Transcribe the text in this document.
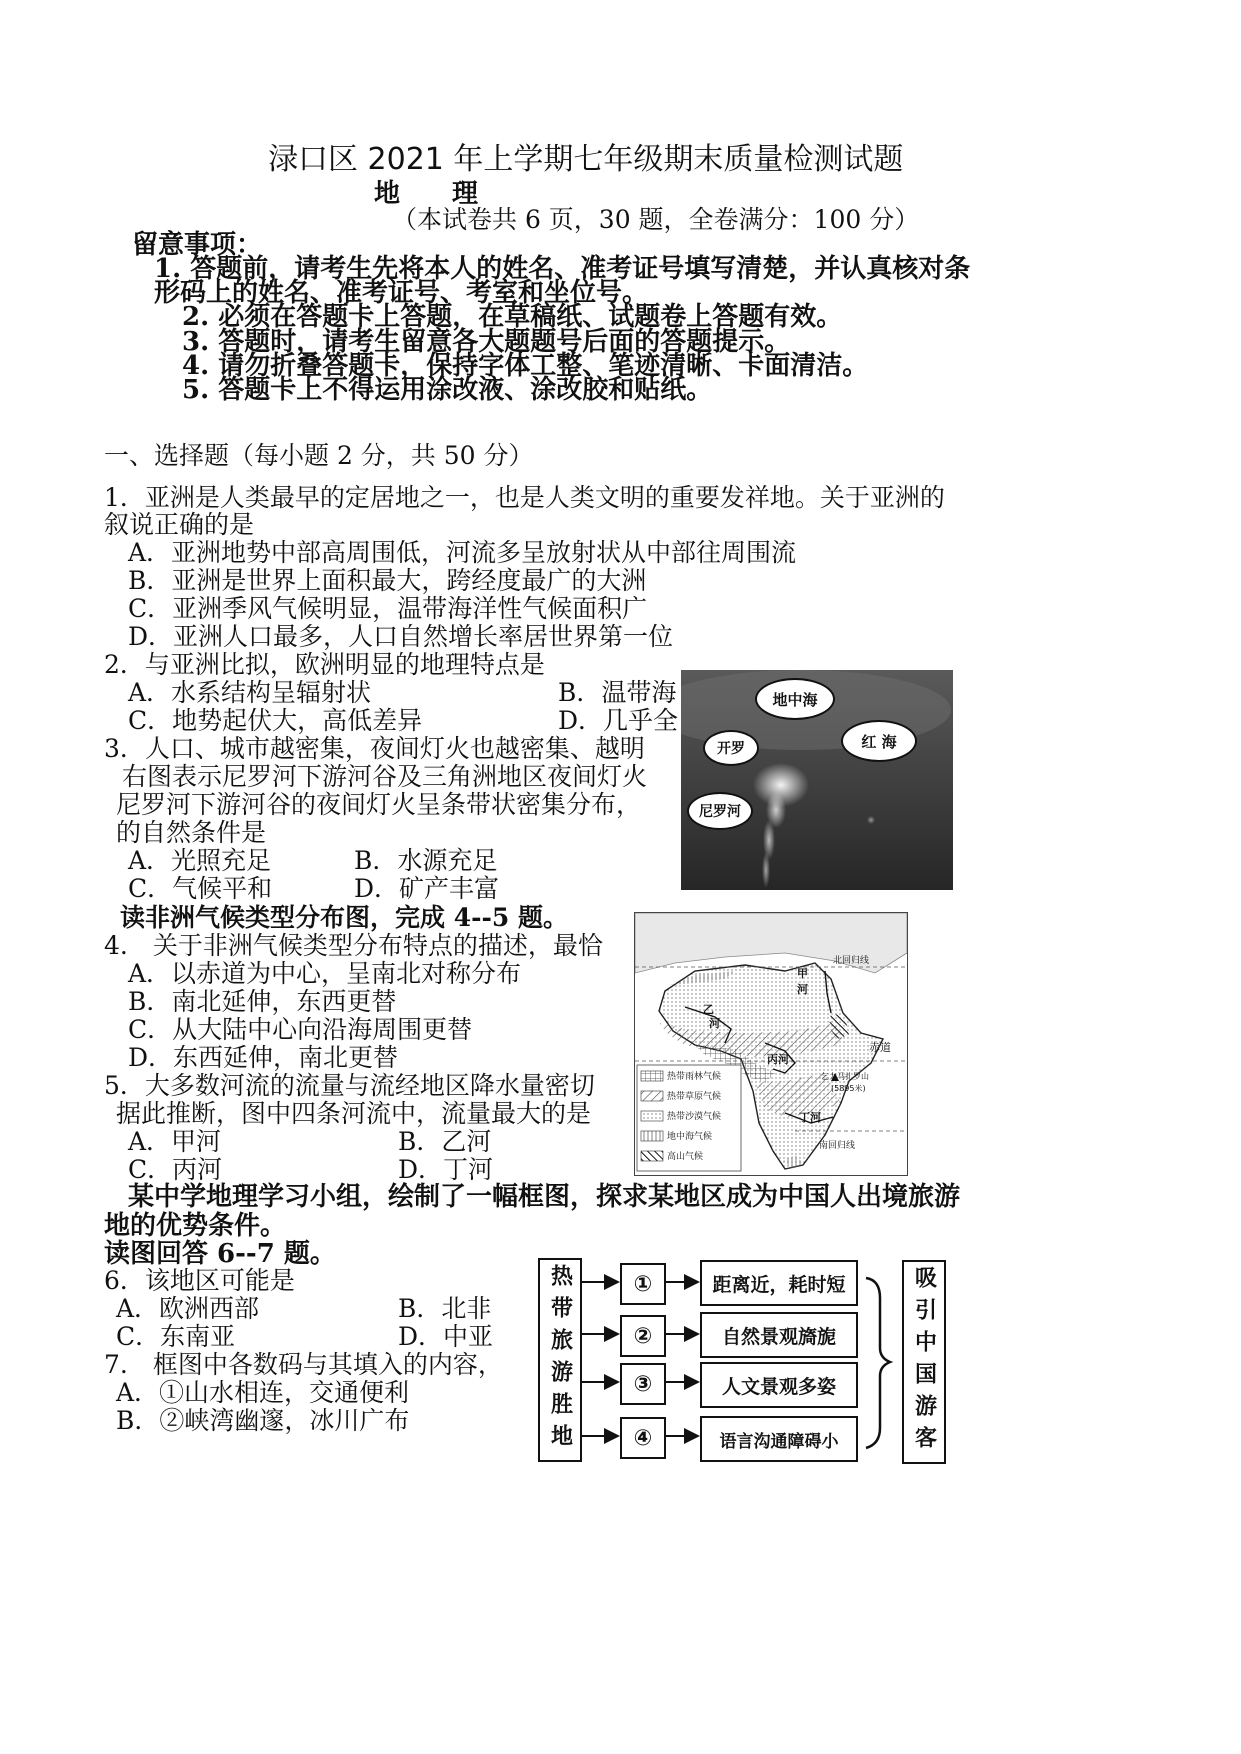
渌口区 2021 年上学期七年级期末质量检测试题
地　　理
（本试卷共 6 页，30 题，全卷满分：100 分）
留意事项：
1. 答题前，请考生先将本人的姓名、准考证号填写清楚，并认真核对条
形码上的姓名、准考证号、考室和坐位号。
2. 必须在答题卡上答题，在草稿纸、试题卷上答题有效。
3. 答题时，请考生留意各大题题号后面的答题提示。
4. 请勿折叠答题卡，保持字体工整、笔迹清晰、卡面清洁。
5. 答题卡上不得运用涂改液、涂改胶和贴纸。
一、选择题（每小题 2 分，共 50 分）
1．亚洲是人类最早的定居地之一，也是人类文明的重要发祥地。关于亚洲的
叙说正确的是
A．亚洲地势中部高周围低，河流多呈放射状从中部往周围流
B．亚洲是世界上面积最大，跨经度最广的大洲
C．亚洲季风气候明显，温带海洋性气候面积广
D．亚洲人口最多，人口自然增长率居世界第一位
2．与亚洲比拟，欧洲明显的地理特点是
A．水系结构呈辐射状	B．温带海
C．地势起伏大，高低差异	D．几乎全
3．人口、城市越密集，夜间灯火也越密集、越明
右图表示尼罗河下游河谷及三角洲地区夜间灯火
尼罗河下游河谷的夜间灯火呈条带状密集分布，
的自然条件是
A．光照充足	B．水源充足
C．气候平和	D．矿产丰富
地中海
红 海
开罗
尼罗河
读非洲气候类型分布图，完成 4--5 题。
4.　关于非洲气候类型分布特点的描述，最恰
A．以赤道为中心，呈南北对称分布
B．南北延伸，东西更替
C．从大陆中心向沿海周围更替
D．东西延伸，南北更替
5．大多数河流的流量与流经地区降水量密切
据此推断，图中四条河流中，流量最大的是
A．甲河	B．乙河
C．丙河	D．丁河
北回归线
赤道
南回归线
甲
河
乙
河
丙河
丁河
乞力马扎罗山
(5895米)
热带雨林气候
热带草原气候
热带沙漠气候
地中海气候
高山气候
某中学地理学习小组，绘制了一幅框图，探求某地区成为中国人出境旅游
地的优势条件。
读图回答 6--7 题。
6．该地区可能是
A．欧洲西部	B．北非
C．东南亚	D．中亚
7.　框图中各数码与其填入的内容，
A．①山水相连，交通便利
B．②峡湾幽邃，冰川广布	热带旅游胜地	①
②
③
④
距离近，耗时短
自然景观旖旎
人文景观多姿
语言沟通障碍小	吸引中国游客
